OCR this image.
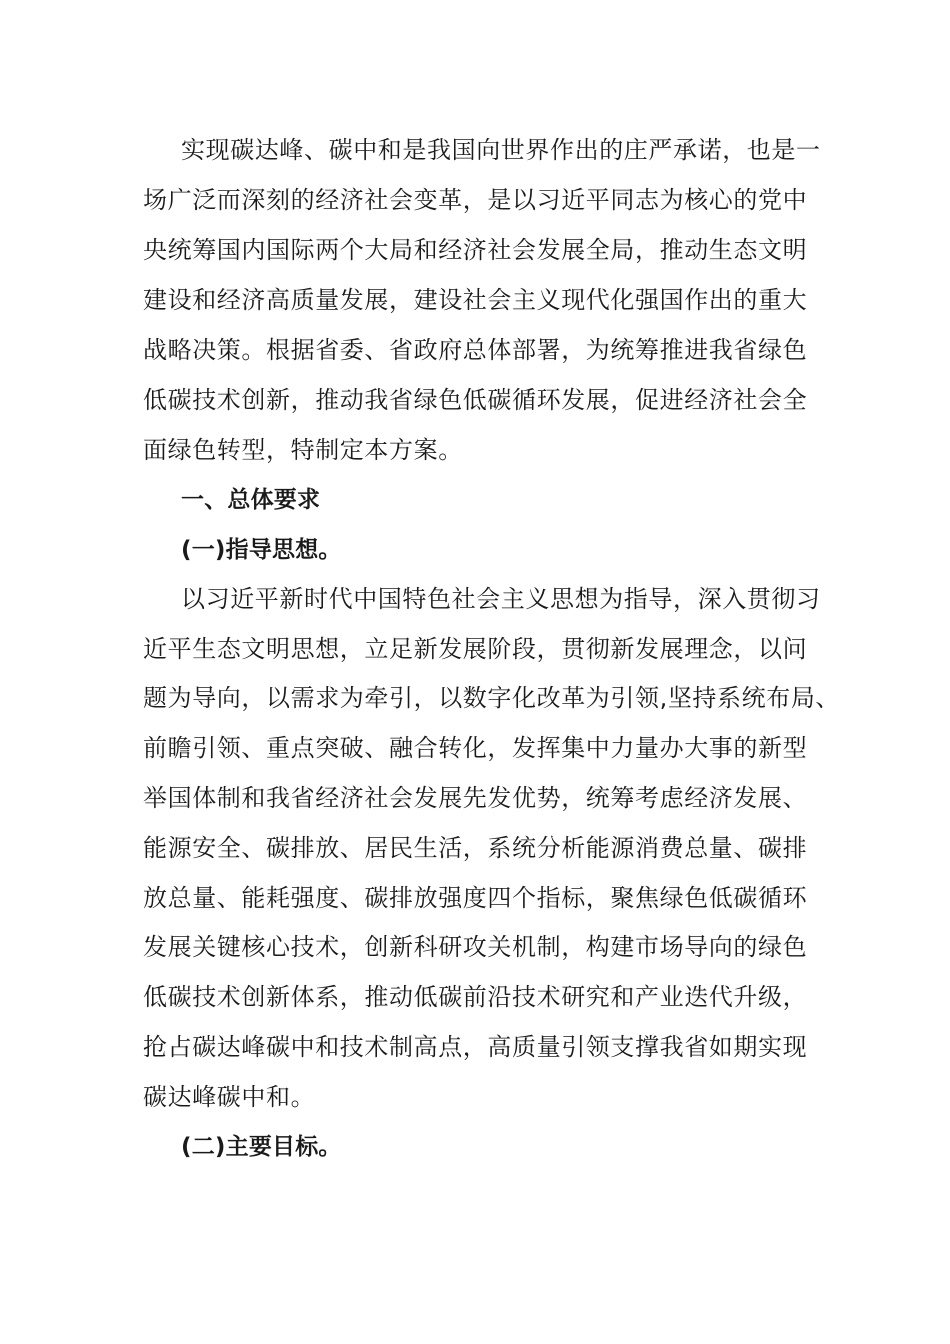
实现碳达峰、碳中和是我国向世界作出的庄严承诺，也是一
场广泛而深刻的经济社会变革，是以习近平同志为核心的党中
央统筹国内国际两个大局和经济社会发展全局，推动生态文明
建设和经济高质量发展，建设社会主义现代化强国作出的重大
战略决策。根据省委、省政府总体部署，为统筹推进我省绿色
低碳技术创新，推动我省绿色低碳循环发展，促进经济社会全
面绿色转型，特制定本方案。
一、总体要求
(一)指导思想。
以习近平新时代中国特色社会主义思想为指导，深入贯彻习
近平生态文明思想，立足新发展阶段，贯彻新发展理念，以问
题为导向，以需求为牵引，以数字化改革为引领,坚持系统布局、
前瞻引领、重点突破、融合转化，发挥集中力量办大事的新型
举国体制和我省经济社会发展先发优势，统筹考虑经济发展、
能源安全、碳排放、居民生活，系统分析能源消费总量、碳排
放总量、能耗强度、碳排放强度四个指标，聚焦绿色低碳循环
发展关键核心技术，创新科研攻关机制，构建市场导向的绿色
低碳技术创新体系，推动低碳前沿技术研究和产业迭代升级，
抢占碳达峰碳中和技术制高点，高质量引领支撑我省如期实现
碳达峰碳中和。
(二)主要目标。
